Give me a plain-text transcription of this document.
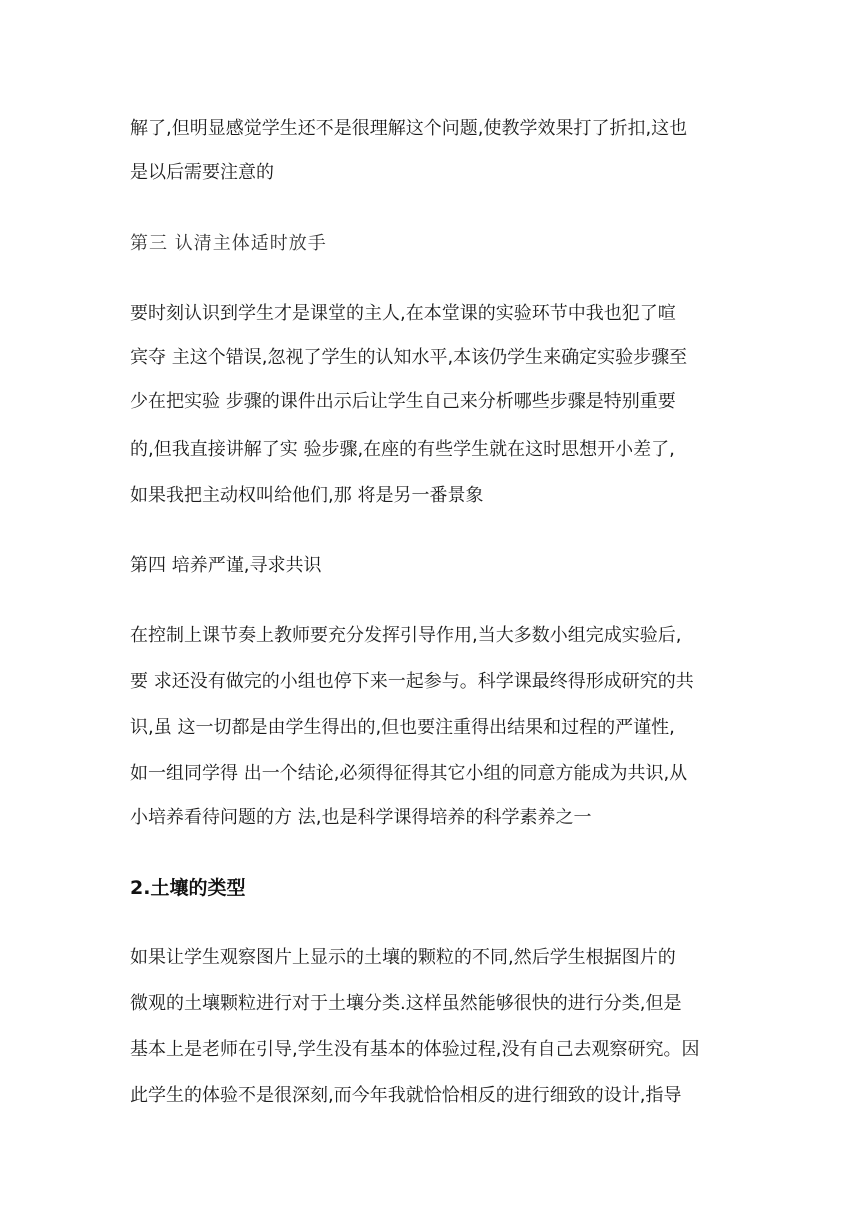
解了,但明显感觉学生还不是很理解这个问题,使教学效果打了折扣,这也
是以后需要注意的
第三 认清主体适时放手
要时刻认识到学生才是课堂的主人,在本堂课的实验环节中我也犯了喧
宾夺 主这个错误,忽视了学生的认知水平,本该仍学生来确定实验步骤至
少在把实验 步骤的课件出示后让学生自己来分析哪些步骤是特别重要
的,但我直接讲解了实 验步骤,在座的有些学生就在这时思想开小差了,
如果我把主动权叫给他们,那 将是另一番景象
第四 培养严谨,寻求共识
在控制上课节奏上教师要充分发挥引导作用,当大多数小组完成实验后,
要 求还没有做完的小组也停下来一起参与。科学课最终得形成研究的共
识,虽 这一切都是由学生得出的,但也要注重得出结果和过程的严谨性,
如一组同学得 出一个结论,必须得征得其它小组的同意方能成为共识,从
小培养看待问题的方 法,也是科学课得培养的科学素养之一
2.土壤的类型
如果让学生观察图片上显示的土壤的颗粒的不同,然后学生根据图片的
微观的土壤颗粒进行对于土壤分类.这样虽然能够很快的进行分类,但是
基本上是老师在引导,学生没有基本的体验过程,没有自己去观察研究。因
此学生的体验不是很深刻,而今年我就恰恰相反的进行细致的设计,指导
